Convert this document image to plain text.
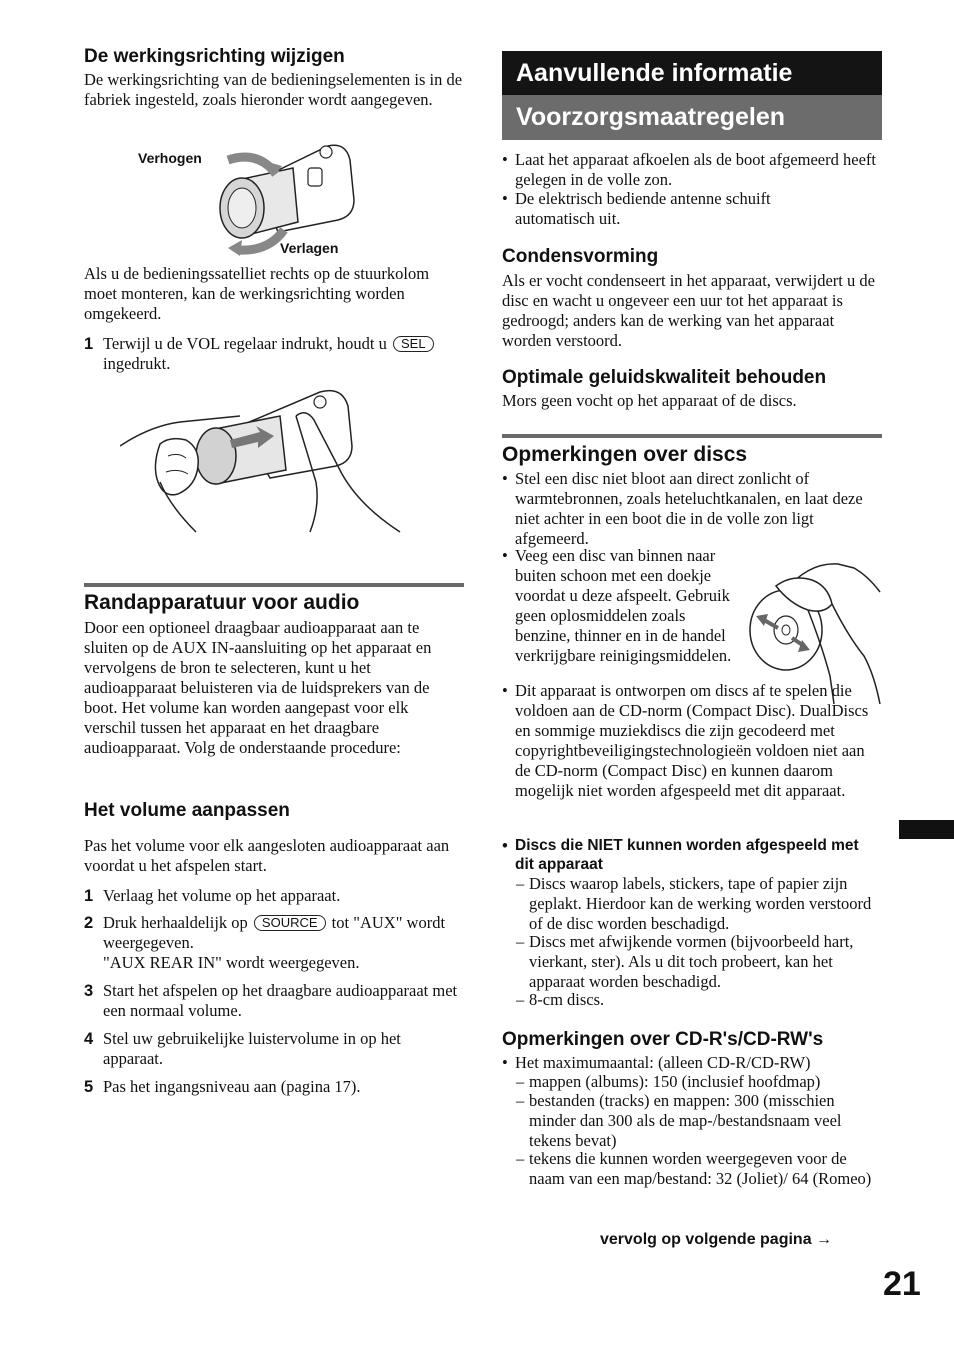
De werkingsrichting wijzigen

De werkingsrichting van de bedieningselementen is in de fabriek ingesteld, zoals hieronder wordt aangegeven.

Verhogen
Verlagen

Als u de bedieningssatelliet rechts op de stuurkolom moet monteren, kan de werkingsrichting worden omgekeerd.

1 Terwijl u de VOL regelaar indrukt, houdt u SEL ingedrukt.
Randapparatuur voor audio

Door een optioneel draagbaar audioapparaat aan te sluiten op de AUX IN-aansluiting op het apparaat en vervolgens de bron te selecteren, kunt u het audioapparaat beluisteren via de luidsprekers van de boot. Het volume kan worden aangepast voor elk verschil tussen het apparaat en het draagbare audioapparaat. Volg de onderstaande procedure:

Het volume aanpassen

Pas het volume voor elk aangesloten audioapparaat aan voordat u het afspelen start.

1 Verlaag het volume op het apparaat.
2 Druk herhaaldelijk op SOURCE tot "AUX" wordt weergegeven.
"AUX REAR IN" wordt weergegeven.
3 Start het afspelen op het draagbare audioapparaat met een normaal volume.
4 Stel uw gebruikelijke luistervolume in op het apparaat.
5 Pas het ingangsniveau aan (pagina 17).
Aanvullende informatie
Voorzorgsmaatregelen
• Laat het apparaat afkoelen als de boot afgemeerd heeft gelegen in de volle zon.
• De elektrisch bediende antenne schuift automatisch uit.
Condensvorming

Als er vocht condenseert in het apparaat, verwijdert u de disc en wacht u ongeveer een uur tot het apparaat is gedroogd; anders kan de werking van het apparaat worden verstoord.

Optimale geluidskwaliteit behouden

Mors geen vocht op het apparaat of de discs.

Opmerkingen over discs
• Stel een disc niet bloot aan direct zonlicht of warmtebronnen, zoals heteluchtkanalen, en laat deze niet achter in een boot die in de volle zon ligt afgemeerd.
• Veeg een disc van binnen naar buiten schoon met een doekje voordat u deze afspeelt. Gebruik geen oplosmiddelen zoals benzine, thinner en in de handel verkrijgbare reinigingsmiddelen.
• Dit apparaat is ontworpen om discs af te spelen die voldoen aan de CD-norm (Compact Disc). DualDiscs en sommige muziekdiscs die zijn gecodeerd met copyrightbeveiligingstechnologieën voldoen niet aan de CD-norm (Compact Disc) en kunnen daarom mogelijk niet worden afgespeeld met dit apparaat.
• Discs die NIET kunnen worden afgespeeld met dit apparaat
– Discs waarop labels, stickers, tape of papier zijn geplakt. Hierdoor kan de werking worden verstoord of de disc worden beschadigd.
– Discs met afwijkende vormen (bijvoorbeeld hart, vierkant, ster). Als u dit toch probeert, kan het apparaat worden beschadigd.
– 8-cm discs.
Opmerkingen over CD-R's/CD-RW's
• Het maximumaantal: (alleen CD-R/CD-RW)
– mappen (albums): 150 (inclusief hoofdmap)
– bestanden (tracks) en mappen: 300 (misschien minder dan 300 als de map-/bestandsnaam veel tekens bevat)
– tekens die kunnen worden weergegeven voor de naam van een map/bestand: 32 (Joliet)/ 64 (Romeo)
vervolg op volgende pagina →
21
